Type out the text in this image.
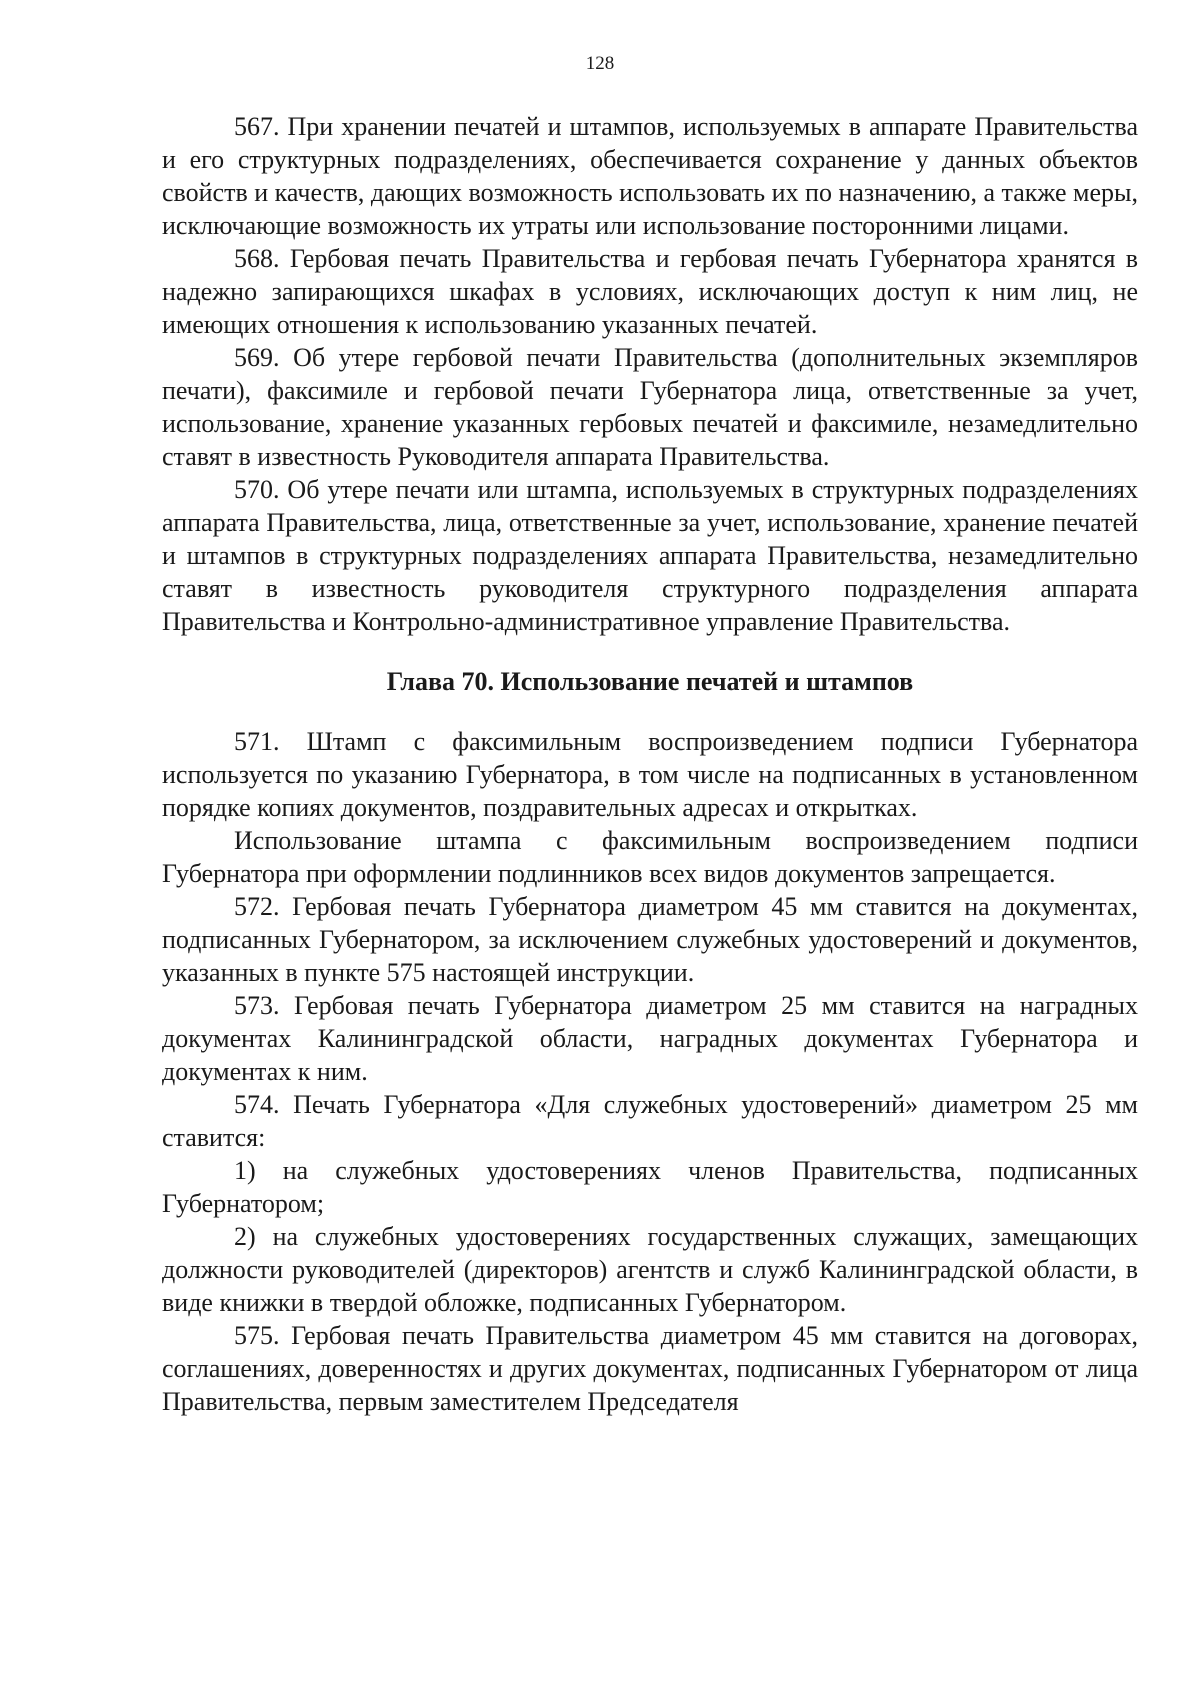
128

567. При хранении печатей и штампов, используемых в аппарате Правительства и его структурных подразделениях, обеспечивается сохранение у данных объектов свойств и качеств, дающих возможность использовать их по назначению, а также меры, исключающие возможность их утраты или использование посторонними лицами.

568. Гербовая печать Правительства и гербовая печать Губернатора хранятся в надежно запирающихся шкафах в условиях, исключающих доступ к ним лиц, не имеющих отношения к использованию указанных печатей.

569. Об утере гербовой печати Правительства (дополнительных экземпляров печати), факсимиле и гербовой печати Губернатора лица, ответственные за учет, использование, хранение указанных гербовых печатей и факсимиле, незамедлительно ставят в известность Руководителя аппарата Правительства.

570. Об утере печати или штампа, используемых в структурных подразделениях аппарата Правительства, лица, ответственные за учет, использование, хранение печатей и штампов в структурных подразделениях аппарата Правительства, незамедлительно ставят в известность руководителя структурного подразделения аппарата Правительства и Контрольно-административное управление Правительства.

Глава 70. Использование печатей и штампов

571. Штамп с факсимильным воспроизведением подписи Губернатора используется по указанию Губернатора, в том числе на подписанных в установленном порядке копиях документов, поздравительных адресах и открытках.

Использование штампа с факсимильным воспроизведением подписи Губернатора при оформлении подлинников всех видов документов запрещается.

572. Гербовая печать Губернатора диаметром 45 мм ставится на документах, подписанных Губернатором, за исключением служебных удостоверений и документов, указанных в пункте 575 настоящей инструкции.

573. Гербовая печать Губернатора диаметром 25 мм ставится на наградных документах Калининградской области, наградных документах Губернатора и документах к ним.

574. Печать Губернатора «Для служебных удостоверений» диаметром 25 мм ставится:

1) на служебных удостоверениях членов Правительства, подписанных Губернатором;

2) на служебных удостоверениях государственных служащих, замещающих должности руководителей (директоров) агентств и служб Калининградской области, в виде книжки в твердой обложке, подписанных Губернатором.

575. Гербовая печать Правительства диаметром 45 мм ставится на договорах, соглашениях, доверенностях и других документах, подписанных Губернатором от лица Правительства, первым заместителем Председателя
